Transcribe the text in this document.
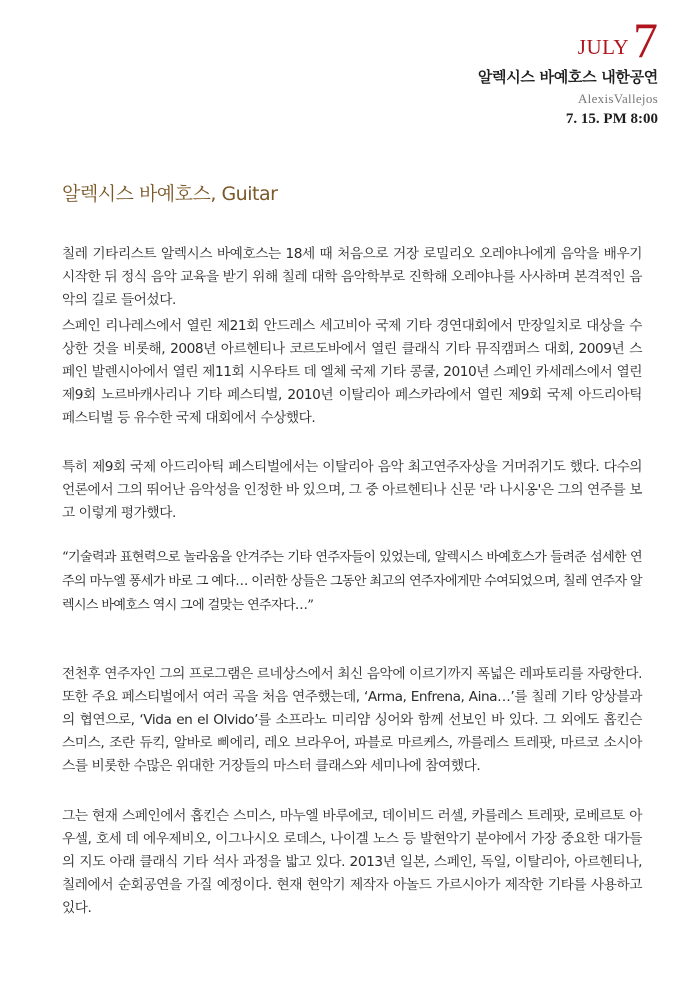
JULY 7
알렉시스 바예호스 내한공연
AlexisVallejos
7. 15. PM 8:00
알렉시스 바예호스, Guitar

칠레 기타리스트 알렉시스 바예호스는 18세 때 처음으로 거장 로밀리오 오레야나에게 음악을 배우기 시작한 뒤 정식 음악 교육을 받기 위해 칠레 대학 음악학부로 진학해 오레야나를 사사하며 본격적인 음악의 길로 들어섰다.

스페인 리나레스에서 열린 제21회 안드레스 세고비아 국제 기타 경연대회에서 만장일치로 대상을 수상한 것을 비롯해, 2008년 아르헨티나 코르도바에서 열린 클래식 기타 뮤직캠퍼스 대회, 2009년 스페인 발렌시아에서 열린 제11회 시우타트 데 엘체 국제 기타 콩쿨, 2010년 스페인 카세레스에서 열린 제9회 노르바캐사리나 기타 페스티벌, 2010년 이탈리아 페스카라에서 열린 제9회 국제 아드리아틱 페스티벌 등 유수한 국제 대회에서 수상했다.

특히 제9회 국제 아드리아틱 페스티벌에서는 이탈리아 음악 최고연주자상을 거머쥐기도 했다. 다수의 언론에서 그의 뛰어난 음악성을 인정한 바 있으며, 그 중 아르헨티나 신문 '라 나시옹'은 그의 연주를 보고 이렇게 평가했다.

“기술력과 표현력으로 놀라움을 안겨주는 기타 연주자들이 있었는데, 알렉시스 바예호스가 들려준 섬세한 연주의 마누엘 퐁세가 바로 그 예다… 이러한 상들은 그동안 최고의 연주자에게만 수여되었으며, 칠레 연주자 알렉시스 바예호스 역시 그에 걸맞는 연주자다…”

전천후 연주자인 그의 프로그램은 르네상스에서 최신 음악에 이르기까지 폭넓은 레파토리를 자랑한다. 또한 주요 페스티벌에서 여러 곡을 처음 연주했는데, ‘Arma, Enfrena, Aina…’를 칠레 기타 앙상블과의 협연으로, ‘Vida en el Olvido’를 소프라노 미리얌 싱어와 함께 선보인 바 있다. 그 외에도 홉킨슨 스미스, 조란 듀킥, 알바로 삐에리, 레오 브라우어, 파블로 마르케스, 까를레스 트레팟, 마르코 소시아스를 비롯한 수많은 위대한 거장들의 마스터 클래스와 세미나에 참여했다.

그는 현재 스페인에서 홉킨슨 스미스, 마누엘 바루에코, 데이비드 러셀, 카를레스 트레팟, 로베르토 아우셀, 호세 데 에우제비오, 이그나시오 로데스, 나이겔 노스 등 발현악기 분야에서 가장 중요한 대가들의 지도 아래 클래식 기타 석사 과정을 밟고 있다. 2013년 일본, 스페인, 독일, 이탈리아, 아르헨티나, 칠레에서 순회공연을 가질 예정이다. 현재 현악기 제작자 아놀드 가르시아가 제작한 기타를 사용하고 있다.
